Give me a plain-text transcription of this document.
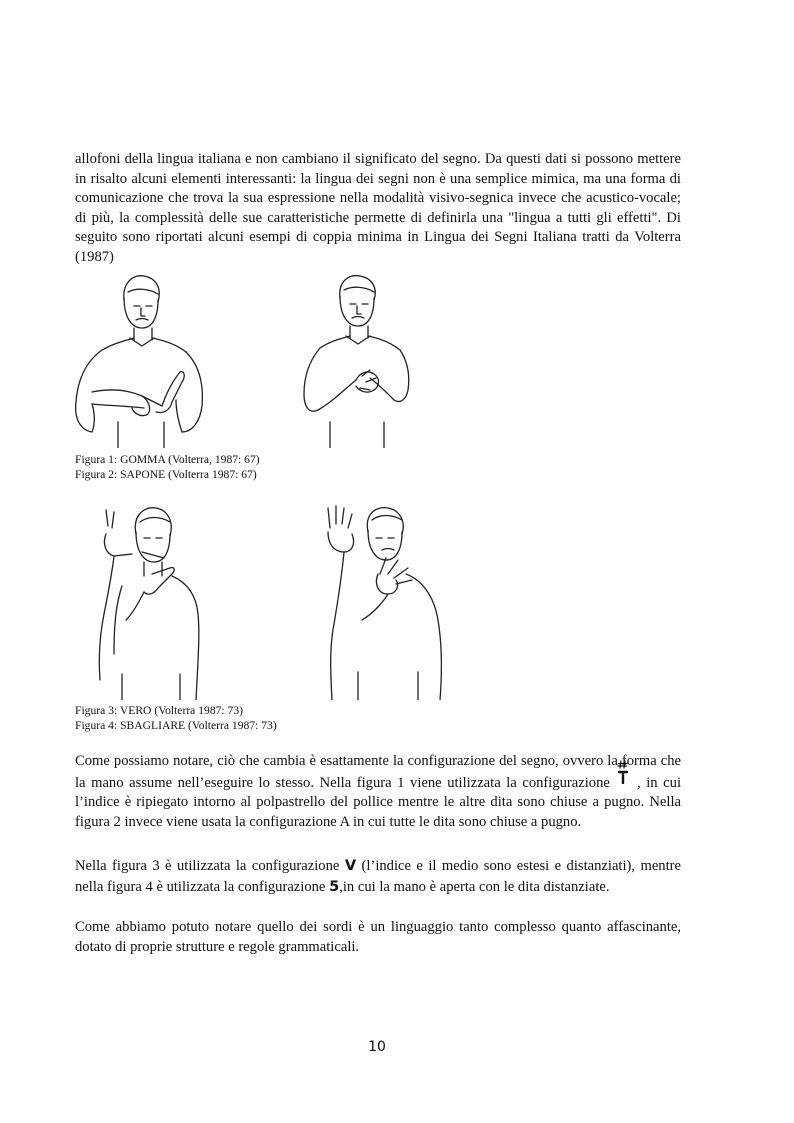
allofoni della lingua italiana e non cambiano il significato del segno. Da questi dati si possono mettere in risalto alcuni elementi interessanti: la lingua dei segni non è una semplice mimica, ma una forma di comunicazione che trova la sua espressione nella modalità visivo-segnica invece che acustico-vocale; di più, la complessità delle sue caratteristiche permette di definirla una "lingua a tutti gli effetti". Di seguito sono riportati alcuni esempi di coppia minima in Lingua dei Segni Italiana tratti da Volterra (1987)

Figura 1: GOMMA (Volterra, 1987: 67)
Figura 2: SAPONE (Volterra 1987: 67)

Figura 3: VERO (Volterra 1987: 73)
Figura 4: SBAGLIARE (Volterra 1987: 73)

Come possiamo notare, ciò che cambia è esattamente la configurazione del segno, ovvero la forma che la mano assume nell’eseguire lo stesso. Nella figura 1 viene utilizzata la configurazione
, in cui l’indice è ripiegato intorno al polpastrello del pollice mentre le altre dita sono chiuse a pugno. Nella figura 2 invece viene usata la configurazione A in cui tutte le dita sono chiuse a pugno.

Nella figura 3 è utilizzata la configurazione V (l’indice e il medio sono estesi e distanziati), mentre nella figura 4 è utilizzata la configurazione 5,in cui la mano è aperta con le dita distanziate.

Come abbiamo potuto notare quello dei sordi è un linguaggio tanto complesso quanto affascinante, dotato di proprie strutture e regole grammaticali.

10
